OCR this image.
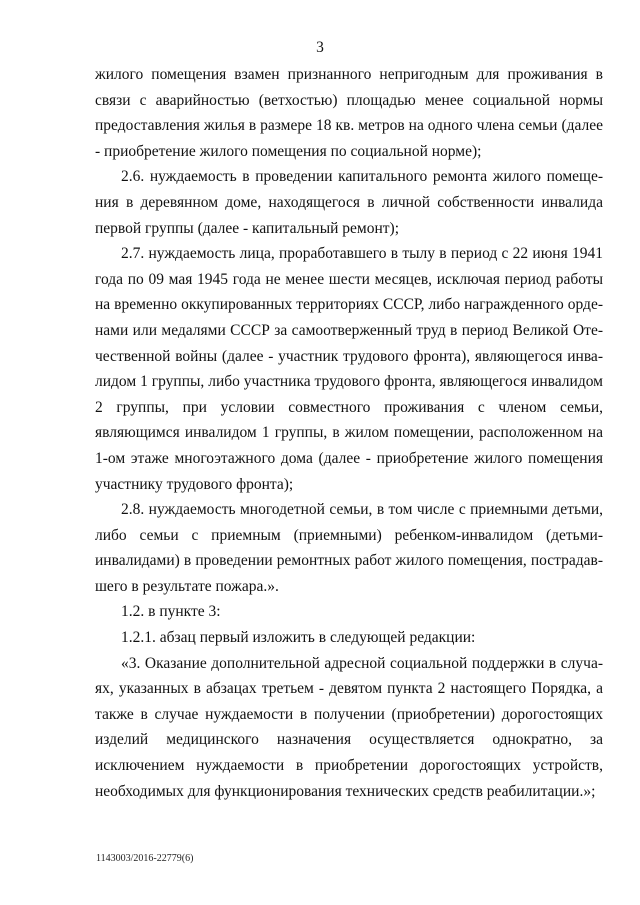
3

жилого помещения взамен признанного непригодным для проживания в связи с аварийностью (ветхостью) площадью менее социальной нормы предоставления жилья в размере 18 кв. метров на одного члена семьи (далее - приобретение жилого помещения по социальной норме);

2.6. нуждаемость в проведении капитального ремонта жилого помещения в деревянном доме, находящегося в личной собственности инвалида первой группы (далее - капитальный ремонт);

2.7. нуждаемость лица, проработавшего в тылу в период с 22 июня 1941 года по 09 мая 1945 года не менее шести месяцев, исключая период работы на временно оккупированных территориях СССР, либо награжденного орденами или медалями СССР за самоотверженный труд в период Великой Отечественной войны (далее - участник трудового фронта), являющегося инвалидом 1 группы, либо участника трудового фронта, являющегося инвалидом 2 группы, при условии совместного проживания с членом семьи, являющимся инвалидом 1 группы, в жилом помещении, расположенном на 1-ом этаже многоэтажного дома (далее - приобретение жилого помещения участнику трудового фронта);

2.8. нуждаемость многодетной семьи, в том числе с приемными детьми, либо семьи с приемным (приемными) ребенком-инвалидом (детьми-инвалидами) в проведении ремонтных работ жилого помещения, пострадавшего в результате пожара.».

1.2. в пункте 3:

1.2.1. абзац первый изложить в следующей редакции:

«3. Оказание дополнительной адресной социальной поддержки в случаях, указанных в абзацах третьем - девятом пункта 2 настоящего Порядка, а также в случае нуждаемости в получении (приобретении) дорогостоящих изделий медицинского назначения осуществляется однократно, за исключением нуждаемости в приобретении дорогостоящих устройств, необходимых для функционирования технических средств реабилитации.»;

1143003/2016-22779(6)
